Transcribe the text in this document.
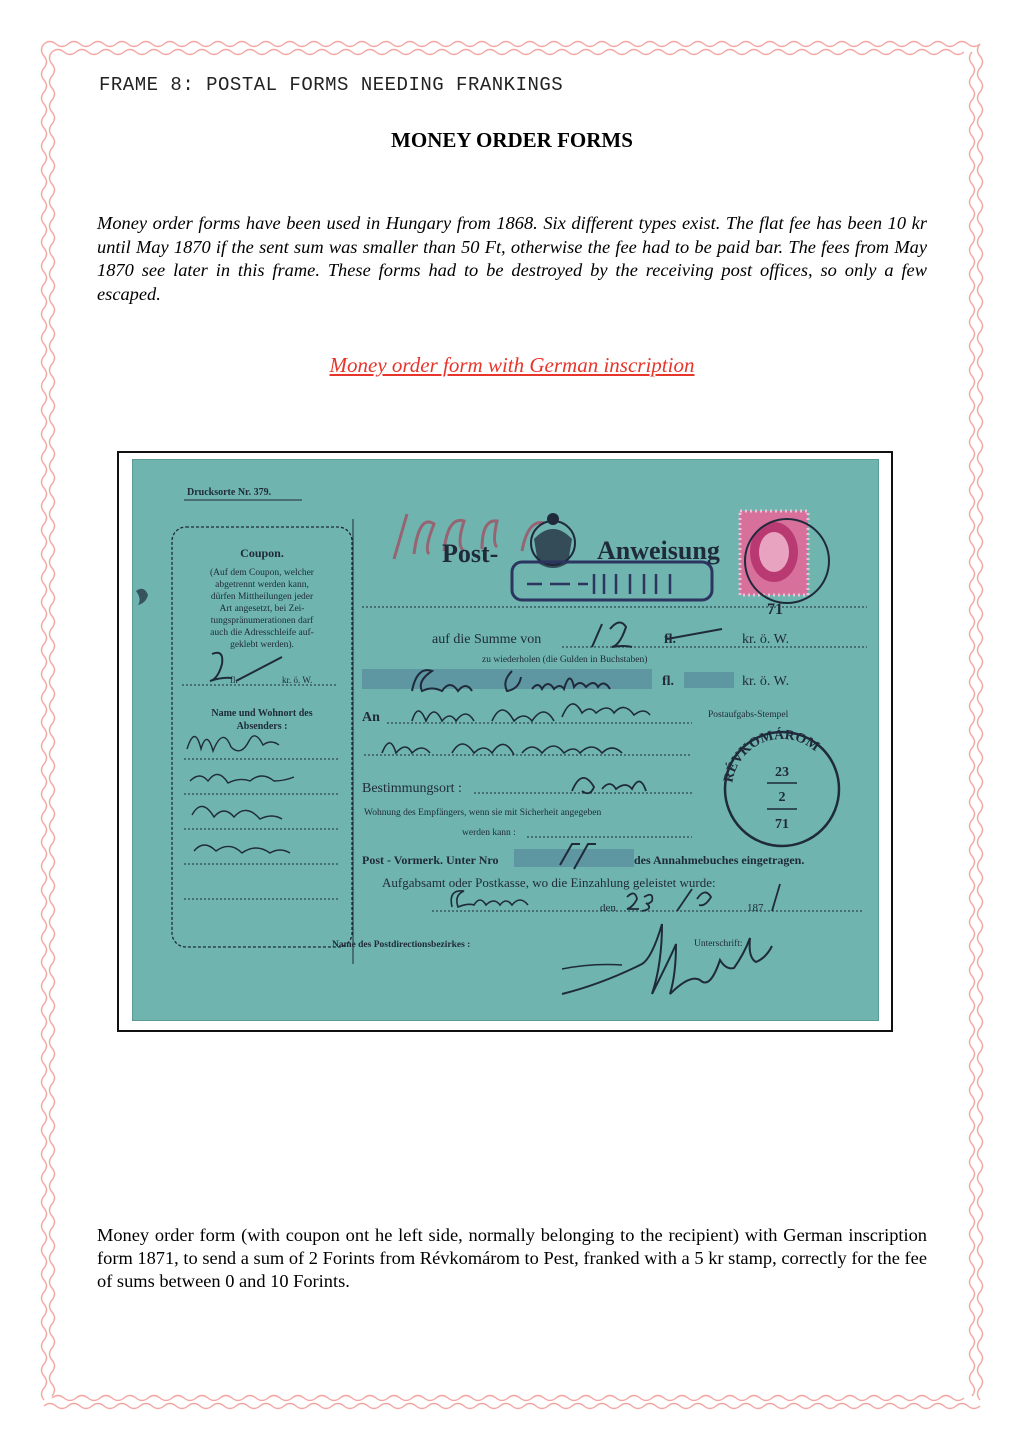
FRAME 8: POSTAL FORMS NEEDING FRANKINGS
MONEY ORDER FORMS
Money order forms have been used in Hungary from 1868. Six different types exist. The flat fee has been 10 kr until May 1870 if the sent sum was smaller than 50 Ft, otherwise the fee had to be paid bar. The fees from May 1870 see later in this frame. These forms had to be destroyed by the receiving post offices, so only a few escaped.
Money order form with German inscription
Drucksorte Nr. 379.
Coupon.
(Auf dem Coupon, welcher
abgetrennt werden kann,
dürfen Mittheilungen jeder
Art angesetzt, bei Zei-
tungspränumerationen darf
auch die Adresschleife auf-
geklebt werden).
fl.	kr. ö. W.
Name und Wohnort des
Absenders :
Post-	Anweisung
71
auf die Summe von	fl.	kr. ö. W.
zu wiederholen (die Gulden in Buchstaben)
fl.	kr. ö. W.
An	Postaufgabs-Stempel
Bestimmungsort :
Wohnung des Empfängers, wenn sie mit Sicherheit angegeben
werden kann :
RÉVKOMÁROM
23
2
71
Post - Vormerk. Unter Nro	des Annahmebuches eingetragen.
Aufgabsamt oder Postkasse, wo die Einzahlung geleistet wurde:
den	187
Name des Postdirectionsbezirkes :	Unterschrift:
Money order form (with coupon ont he left side, normally belonging to the recipient) with German inscription form 1871, to send a sum of 2 Forints from Révkomárom to Pest, franked with a 5 kr stamp, correctly for the fee of sums between 0 and 10 Forints.
